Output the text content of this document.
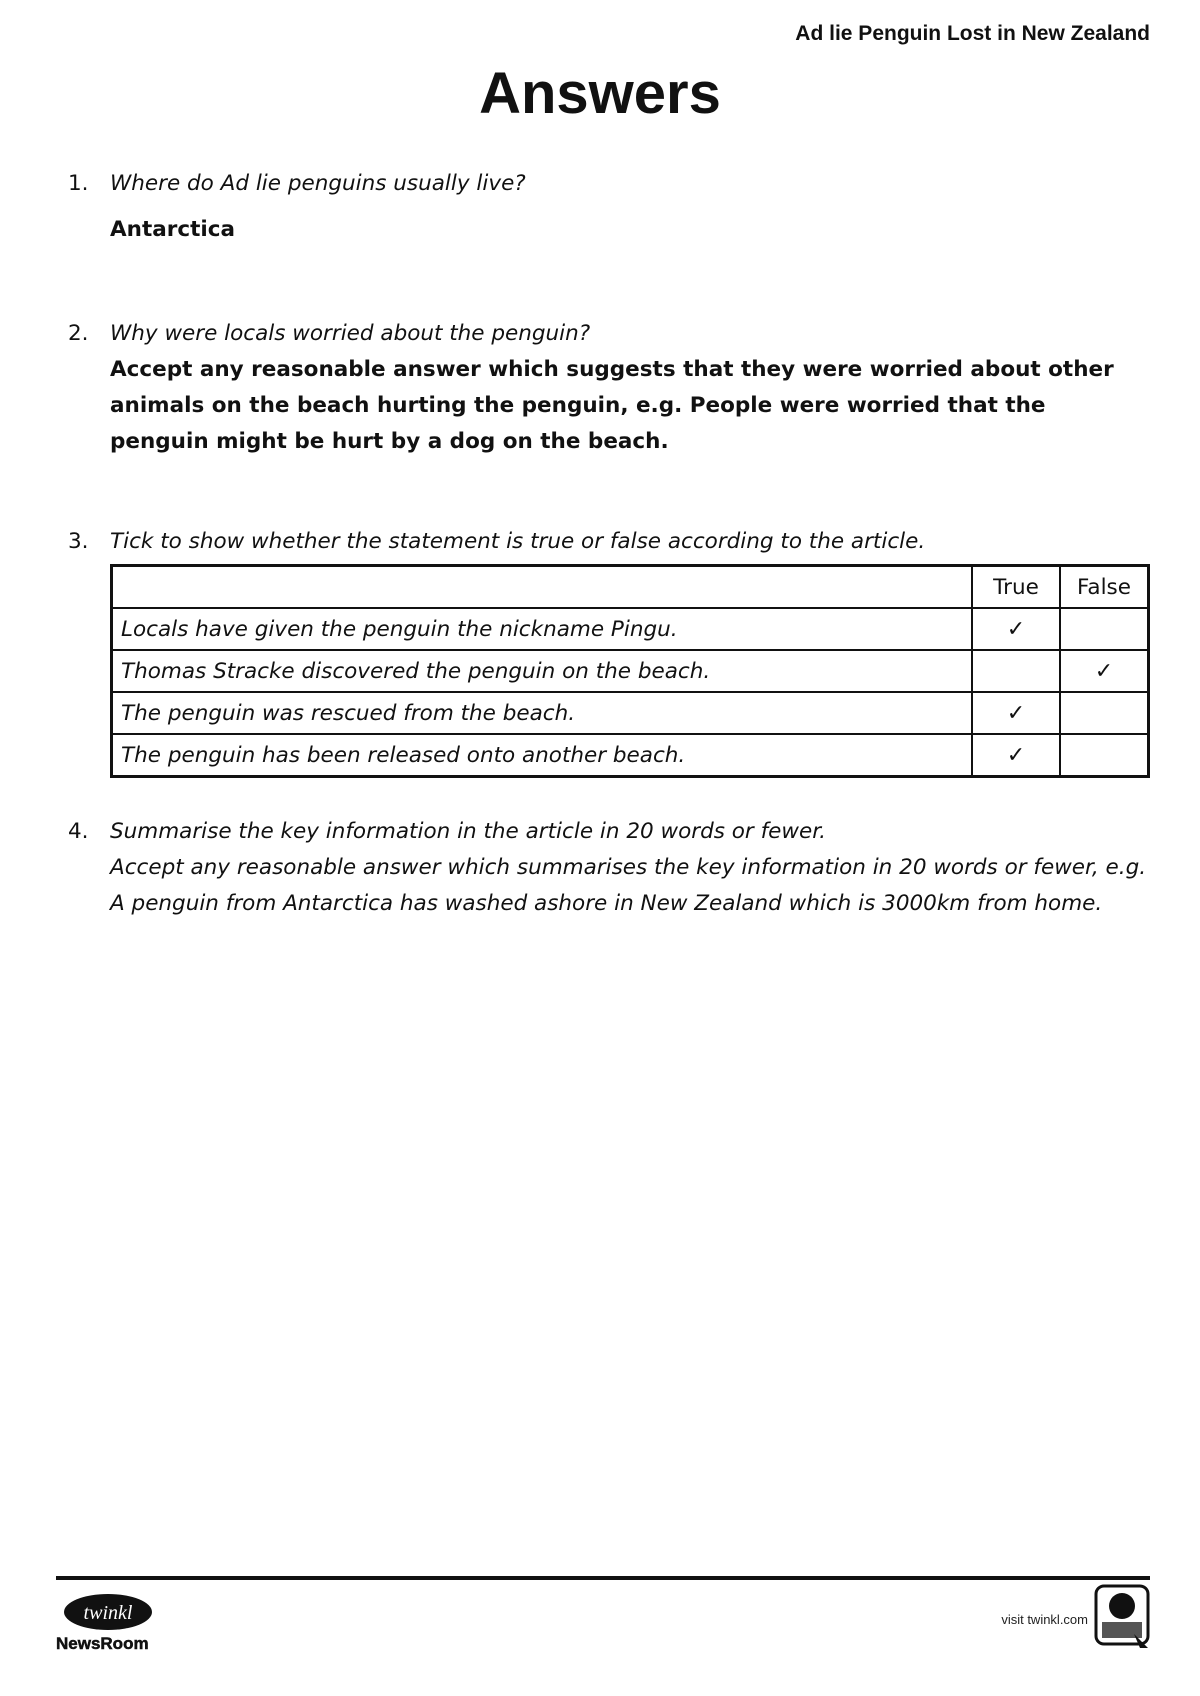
Ad lie Penguin Lost in New Zealand
Answers
1. Where do Ad lie penguins usually live?
Antarctica
2. Why were locals worried about the penguin?
Accept any reasonable answer which suggests that they were worried about other animals on the beach hurting the penguin, e.g. People were worried that the penguin might be hurt by a dog on the beach.
3. Tick to show whether the statement is true or false according to the article.
	True	False
Locals have given the penguin the nickname Pingu.	✓	
Thomas Stracke discovered the penguin on the beach.		✓
The penguin was rescued from the beach.	✓	
The penguin has been released onto another beach.	✓	
4. Summarise the key information in the article in 20 words or fewer.
Accept any reasonable answer which summarises the key information in 20 words or fewer, e.g. A penguin from Antarctica has washed ashore in New Zealand which is 3000km from home.
twinkl
NewsRoom
visit twinkl.com
